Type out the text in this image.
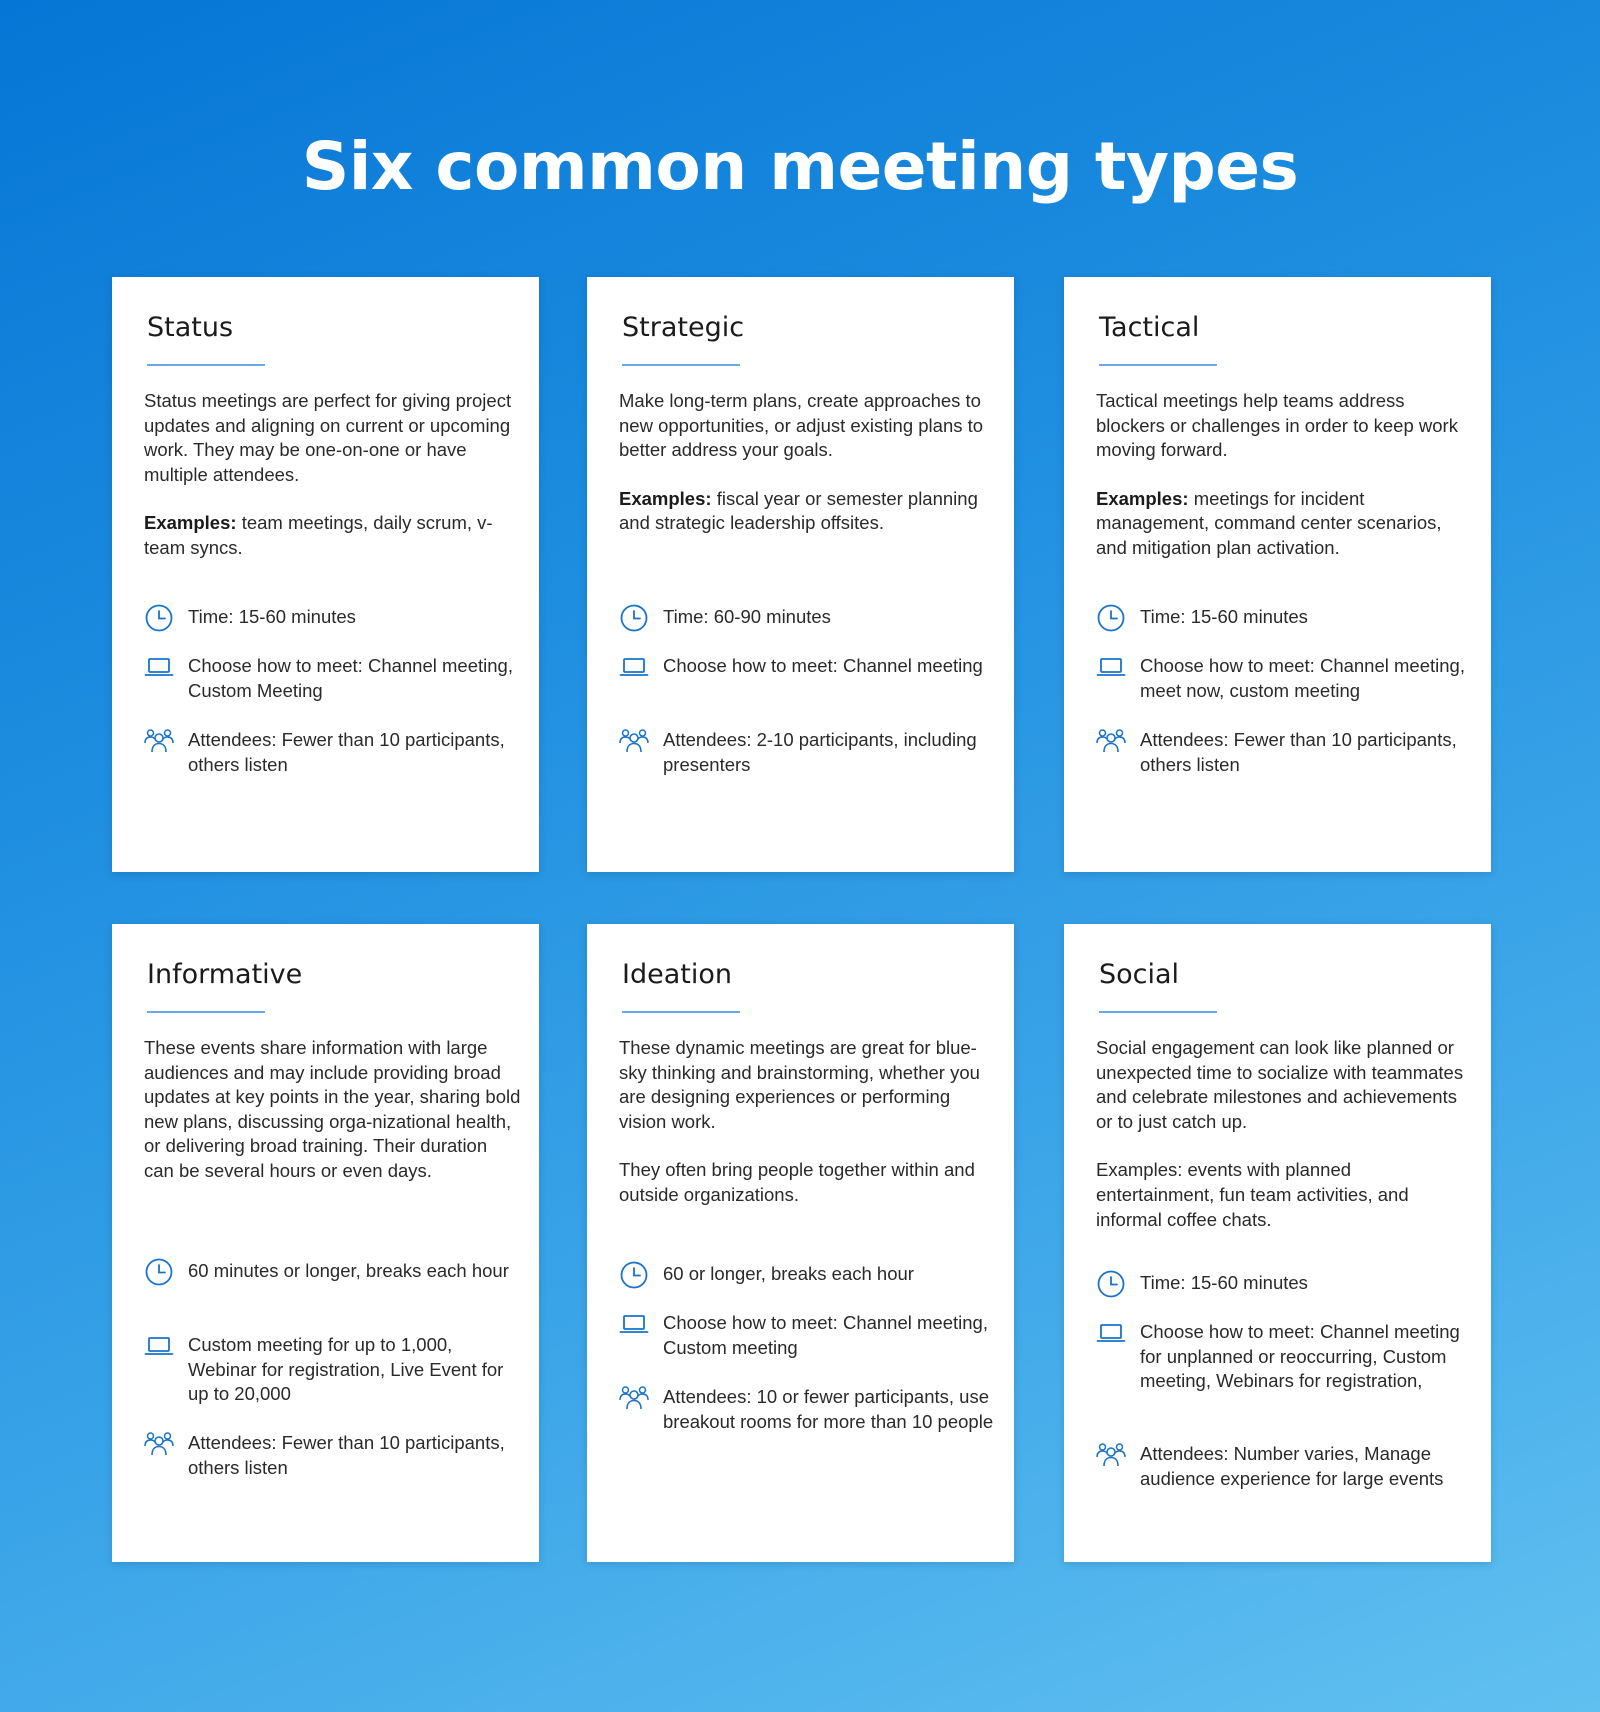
Six common meeting types
Status

Status meetings are perfect for giving project updates and aligning on current or upcoming work. They may be one-on-one or have multiple attendees.

Examples: team meetings, daily scrum, v-team syncs.

Time: 15-60 minutes
Choose how to meet: Channel meeting, Custom Meeting
Attendees: Fewer than 10 participants, others listen
Strategic

Make long-term plans, create approaches to new opportunities, or adjust existing plans to better address your goals.

Examples: fiscal year or semester planning and strategic leadership offsites.

Time: 60-90 minutes
Choose how to meet: Channel meeting
Attendees: 2-10 participants, including presenters
Tactical

Tactical meetings help teams address blockers or challenges in order to keep work moving forward.

Examples: meetings for incident management, command center scenarios, and mitigation plan activation.

Time: 15-60 minutes
Choose how to meet: Channel meeting, meet now, custom meeting
Attendees: Fewer than 10 participants, others listen
Informative

These events share information with large audiences and may include providing broad updates at key points in the year, sharing bold new plans, discussing orga-nizational health, or delivering broad training. Their duration can be several hours or even days.

60 minutes or longer, breaks each hour
Custom meeting for up to 1,000, Webinar for registration, Live Event for up to 20,000
Attendees: Fewer than 10 participants, others listen
Ideation

These dynamic meetings are great for blue-sky thinking and brainstorming, whether you are designing experiences or performing vision work.

They often bring people together within and outside organizations.

60 or longer, breaks each hour
Choose how to meet: Channel meeting, Custom meeting
Attendees: 10 or fewer participants, use breakout rooms for more than 10 people
Social

Social engagement can look like planned or unexpected time to socialize with teammates and celebrate milestones and achievements or to just catch up.

Examples: events with planned entertainment, fun team activities, and informal coffee chats.

Time: 15-60 minutes
Choose how to meet: Channel meeting for unplanned or reoccurring, Custom meeting, Webinars for registration,
Attendees: Number varies, Manage audience experience for large events
